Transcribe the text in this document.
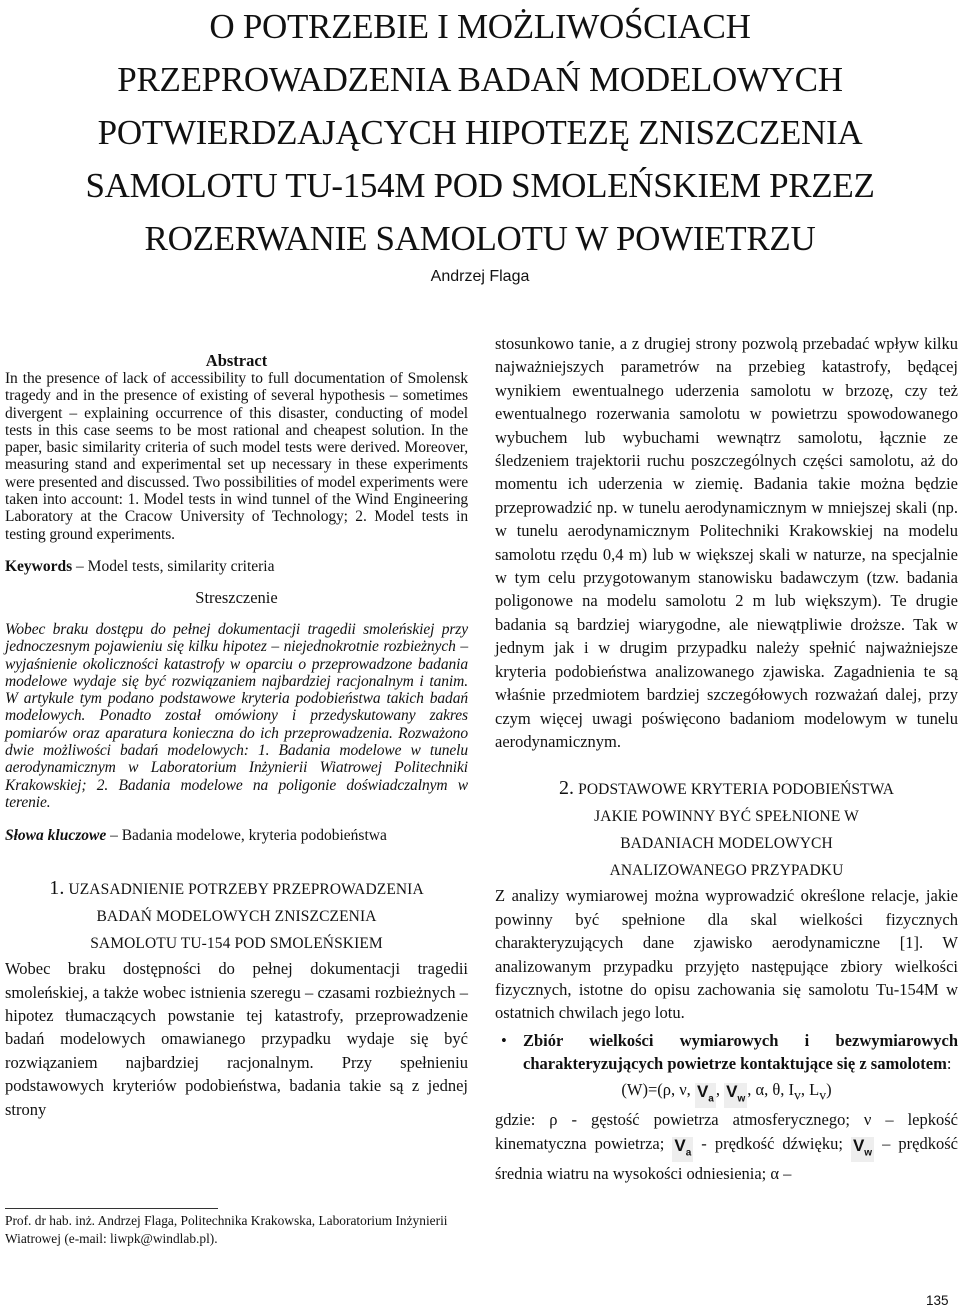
O POTRZEBIE I MOŻLIWOŚCIACH
PRZEPROWADZENIA BADAŃ MODELOWYCH
POTWIERDZAJĄCYCH HIPOTEZĘ ZNISZCZENIA
SAMOLOTU TU-154M POD SMOLEŃSKIEM PRZEZ
ROZERWANIE SAMOLOTU W POWIETRZU
Andrzej Flaga
Abstract

In the presence of lack of accessibility to full documentation of Smolensk tragedy and in the presence of existing of several hypothesis – sometimes divergent – explaining occurrence of this disaster, conducting of model tests in this case seems to be most rational and cheapest solution. In the paper, basic similarity criteria of such model tests were derived. Moreover, measuring stand and experimental set up necessary in these experiments were presented and discussed. Two possibilities of model experiments were taken into account: 1. Model tests in wind tunnel of the Wind Engineering Laboratory at the Cracow University of Technology; 2. Model tests in testing ground experiments.

Keywords – Model tests, similarity criteria
Streszczenie

Wobec braku dostępu do pełnej dokumentacji tragedii smoleńskiej przy jednoczesnym pojawieniu się kilku hipotez – niejednokrotnie rozbieżnych – wyjaśnienie okoliczności katastrofy w oparciu o przeprowadzone badania modelowe wydaje się być rozwiązaniem najbardziej racjonalnym i tanim. W artykule tym podano podstawowe kryteria podobieństwa takich badań modelowych. Ponadto został omówiony i przedyskutowany zakres pomiarów oraz aparatura konieczna do ich przeprowadzenia. Rozważono dwie możliwości badań modelowych: 1. Badania modelowe w tunelu aerodynamicznym w Laboratorium Inżynierii Wiatrowej Politechniki Krakowskiej; 2. Badania modelowe na poligonie doświadczalnym w terenie.

Słowa kluczowe – Badania modelowe, kryteria podobieństwa
1. UZASADNIENIE POTRZEBY PRZEPROWADZENIA
BADAŃ MODELOWYCH ZNISZCZENIA
SAMOLOTU TU-154 POD SMOLEŃSKIEM

Wobec braku dostępności do pełnej dokumentacji tragedii smoleńskiej, a także wobec istnienia szeregu – czasami rozbieżnych – hipotez tłumaczących powstanie tej katastrofy, przeprowadzenie badań modelowych omawianego przypadku wydaje się być rozwiązaniem najbardziej racjonalnym. Przy spełnieniu podstawowych kryteriów podobieństwa, badania takie są z jednej strony

Prof. dr hab. inż. Andrzej Flaga, Politechnika Krakowska, Laboratorium Inżynierii Wiatrowej (e-mail: liwpk@windlab.pl).

stosunkowo tanie, a z drugiej strony pozwolą przebadać wpływ kilku najważniejszych parametrów na przebieg katastrofy, będącej wynikiem ewentualnego uderzenia samolotu w brzozę, czy też ewentualnego rozerwania samolotu w powietrzu spowodowanego wybuchem lub wybuchami wewnątrz samolotu, łącznie ze śledzeniem trajektorii ruchu poszczególnych części samolotu, aż do momentu ich uderzenia w ziemię. Badania takie można będzie przeprowadzić np. w tunelu aerodynamicznym w mniejszej skali (np. w tunelu aerodynamicznym Politechniki Krakowskiej na modelu samolotu rzędu 0,4 m) lub w większej skali w naturze, na specjalnie w tym celu przygotowanym stanowisku badawczym (tzw. badania poligonowe na modelu samolotu 2 m lub większym). Te drugie badania są bardziej wiarygodne, ale niewątpliwie droższe. Tak w jednym jak i w drugim przypadku należy spełnić najważniejsze kryteria podobieństwa analizowanego zjawiska. Zagadnienia te są właśnie przedmiotem bardziej szczegółowych rozważań dalej, przy czym więcej uwagi poświęcono badaniom modelowym w tunelu aerodynamicznym.

2. PODSTAWOWE KRYTERIA PODOBIEŃSTWA
JAKIE POWINNY BYĆ SPEŁNIONE W
BADANIACH MODELOWYCH
ANALIZOWANEGO PRZYPADKU

Z analizy wymiarowej można wyprowadzić określone relacje, jakie powinny być spełnione dla skal wielkości fizycznych charakteryzujących dane zjawisko aerodynamiczne [1]. W analizowanym przypadku przyjęto następujące zbiory wielkości fizycznych, istotne do opisu zachowania się samolotu Tu-154M w ostatnich chwilach jego lotu.

• Zbiór wielkości wymiarowych i bezwymiarowych charakteryzujących powietrze kontaktujące się z samolotem:
(W)=(ρ, ν, $V_a$ , $V_w$ , α, θ, $I_v$, $L_v$)

gdzie: ρ - gęstość powietrza atmosferycznego; ν – lepkość kinematyczna powietrza; $V_a$ - prędkość dźwięku; $V_w$ – prędkość średnia wiatru na wysokości odniesienia; α –

135
